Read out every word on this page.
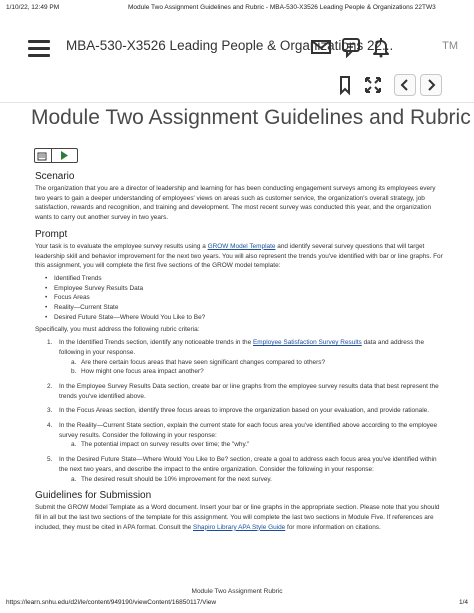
1/10/22, 12:49 PM	Module Two Assignment Guidelines and Rubric - MBA-530-X3526 Leading People & Organizations 22TW3
MBA-530-X3526 Leading People & Organizations 22...	TM
Module Two Assignment Guidelines and Rubric
Scenario

The organization that you are a director of leadership and learning for has been conducting engagement surveys among its employees every two years to gain a deeper understanding of employees' views on areas such as customer service, the organization's overall strategy, job satisfaction, rewards and recognition, and training and development. The most recent survey was conducted this year, and the organization wants to carry out another survey in two years.

Prompt

Your task is to evaluate the employee survey results using a GROW Model Template and identify several survey questions that will target leadership skill and behavior improvement for the next two years. You will also represent the trends you've identified with bar or line graphs. For this assignment, you will complete the first five sections of the GROW model template:

• Identified Trends
• Employee Survey Results Data
• Focus Areas
• Reality—Current State
• Desired Future State—Where Would You Like to Be?

Specifically, you must address the following rubric criteria:

1. In the Identified Trends section, identify any noticeable trends in the Employee Satisfaction Survey Results data and address the following in your response.
a. Are there certain focus areas that have seen significant changes compared to others?
b. How might one focus area impact another?
2. In the Employee Survey Results Data section, create bar or line graphs from the employee survey results data that best represent the trends you've identified above.
3. In the Focus Areas section, identify three focus areas to improve the organization based on your evaluation, and provide rationale.
4. In the Reality—Current State section, explain the current state for each focus area you've identified above according to the employee survey results. Consider the following in your response:
a. The potential impact on survey results over time; the "why."
5. In the Desired Future State—Where Would You Like to Be? section, create a goal to address each focus area you've identified within the next two years, and describe the impact to the entire organization. Consider the following in your response:
a. The desired result should be 10% improvement for the next survey.
Guidelines for Submission

Submit the GROW Model Template as a Word document. Insert your bar or line graphs in the appropriate section. Please note that you should fill in all but the last two sections of the template for this assignment. You will complete the last two sections in Module Five. If references are included, they must be cited in APA format. Consult the Shapiro Library APA Style Guide for more information on citations.

Module Two Assignment Rubric
https://learn.snhu.edu/d2l/le/content/949190/viewContent/16850117/View	1/4
